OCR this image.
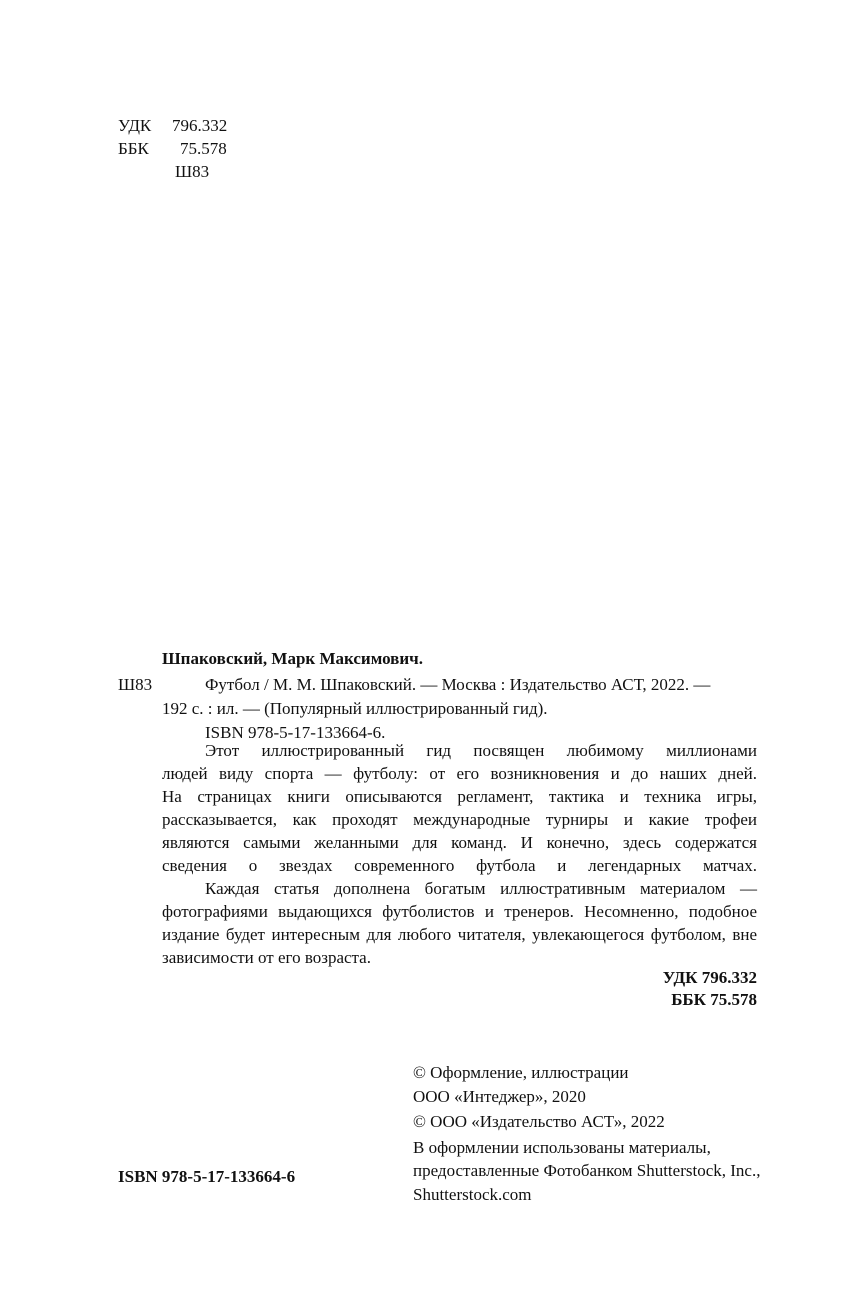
УДК 796.332
ББК 75.578
Ш83
Шпаковский, Марк Максимович.
Ш83	Футбол / М. М. Шпаковский. — Москва : Издательство АСТ, 2022. —
192 с. : ил. — (Популярный иллюстрированный гид).
ISBN 978-5-17-133664-6.
Этот иллюстрированный гид посвящен любимому миллионами
людей виду спорта — футболу: от его возникновения и до наших дней.
На страницах книги описываются регламент, тактика и техника игры,
рассказывается, как проходят международные турниры и какие трофеи
являются самыми желанными для команд. И конечно, здесь содержатся
сведения о звездах современного футбола и легендарных матчах.
Каждая статья дополнена богатым иллюстративным материалом —
фотографиями выдающихся футболистов и тренеров. Несомненно, подобное
издание будет интересным для любого читателя, увлекающегося футболом, вне
зависимости от его возраста.
УДК 796.332
ББК 75.578
ISBN 978-5-17-133664-6
© Оформление, иллюстрации
ООО «Интеджер», 2020
© ООО «Издательство АСТ», 2022
В оформлении использованы материалы,
предоставленные Фотобанком Shutterstock, Inc.,
Shutterstock.com
